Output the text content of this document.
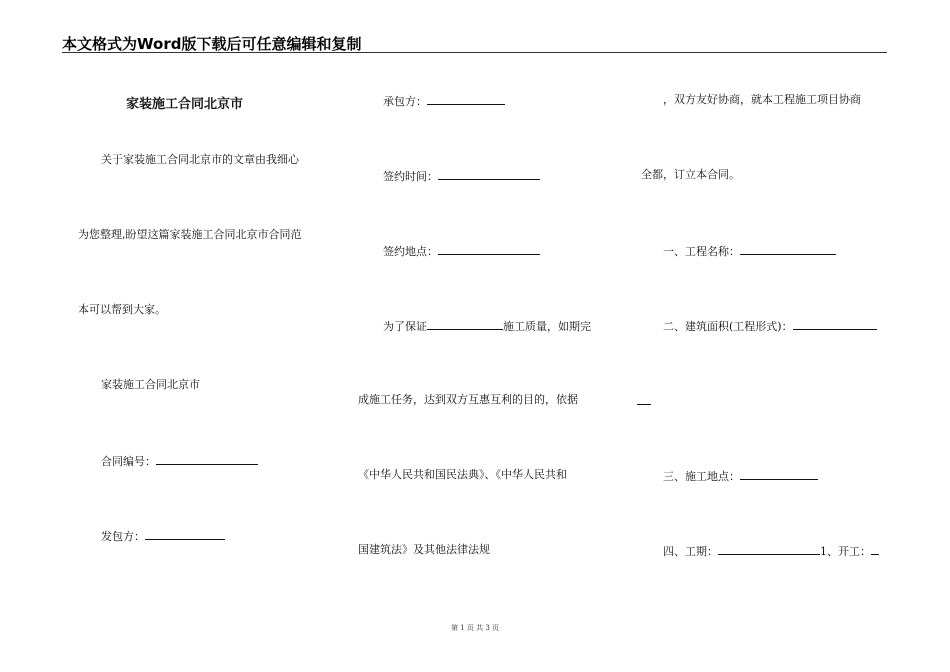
本文格式为Word版下载后可任意编辑和复制
家装施工合同北京市
关于家装施工合同北京市的文章由我细心
为您整理,盼望这篇家装施工合同北京市合同范
本可以帮到大家。
家装施工合同北京市
合同编号：
发包方：
承包方：
签约时间：
签约地点：
为了保证	施工质量，如期完
成施工任务，达到双方互惠互利的目的，依据
《中华人民共和国民法典》、《中华人民共和
国建筑法》及其他法律法规
，双方友好协商，就本工程施工项目协商
全都，订立本合同。
一、工程名称：
二、建筑面积(工程形式)：
三、施工地点：
四、工期：	1、开工：
第 1 页 共 3 页
